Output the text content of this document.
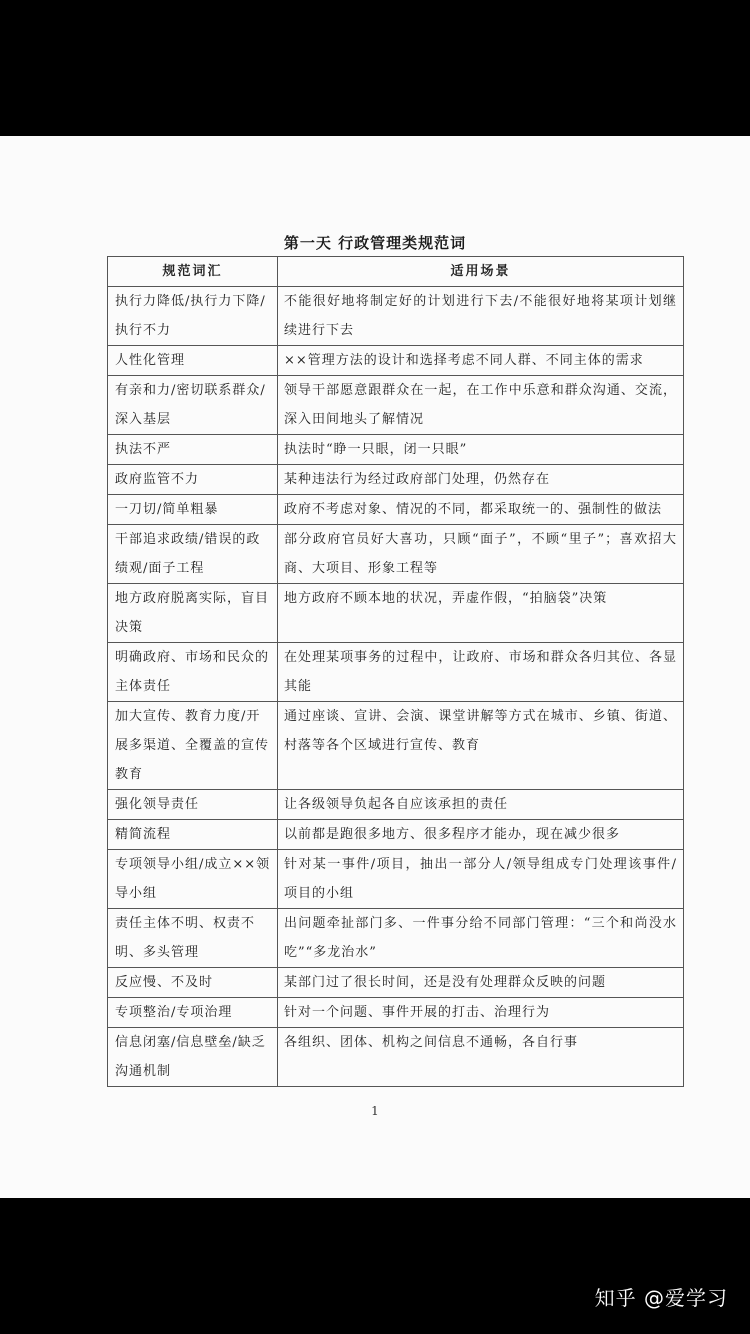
第一天 行政管理类规范词
规范词汇	适用场景
执行力降低/执行力下降/执行不力	不能很好地将制定好的计划进行下去/不能很好地将某项计划继续进行下去
人性化管理	××管理方法的设计和选择考虑不同人群、不同主体的需求
有亲和力/密切联系群众/深入基层	领导干部愿意跟群众在一起，在工作中乐意和群众沟通、交流，深入田间地头了解情况
执法不严	执法时“睁一只眼，闭一只眼”
政府监管不力	某种违法行为经过政府部门处理，仍然存在
一刀切/简单粗暴	政府不考虑对象、情况的不同，都采取统一的、强制性的做法
干部追求政绩/错误的政绩观/面子工程	部分政府官员好大喜功，只顾“面子”，不顾“里子”；喜欢招大商、大项目、形象工程等
地方政府脱离实际，盲目决策	地方政府不顾本地的状况，弄虚作假，“拍脑袋”决策
明确政府、市场和民众的主体责任	在处理某项事务的过程中，让政府、市场和群众各归其位、各显其能
加大宣传、教育力度/开展多渠道、全覆盖的宣传教育	通过座谈、宣讲、会演、课堂讲解等方式在城市、乡镇、街道、村落等各个区域进行宣传、教育
强化领导责任	让各级领导负起各自应该承担的责任
精简流程	以前都是跑很多地方、很多程序才能办，现在减少很多
专项领导小组/成立××领导小组	针对某一事件/项目，抽出一部分人/领导组成专门处理该事件/项目的小组
责任主体不明、权责不明、多头管理	出问题牵扯部门多、一件事分给不同部门管理：“三个和尚没水吃”“多龙治水”
反应慢、不及时	某部门过了很长时间，还是没有处理群众反映的问题
专项整治/专项治理	针对一个问题、事件开展的打击、治理行为
信息闭塞/信息壁垒/缺乏沟通机制	各组织、团体、机构之间信息不通畅，各自行事
1
知乎 @爱学习
